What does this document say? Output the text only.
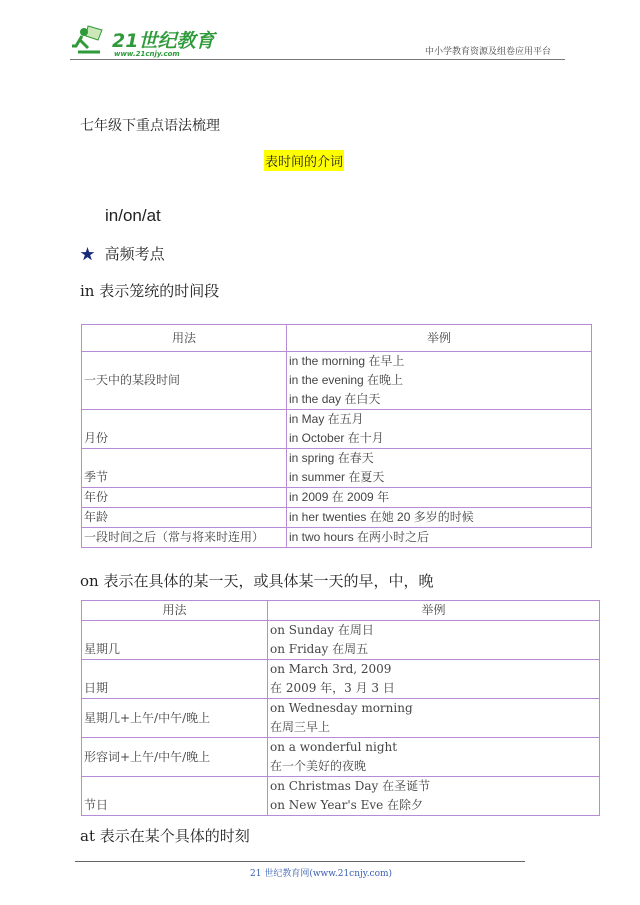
21世纪教育
www.21cnjy.com	中小学教育资源及组卷应用平台
七年级下重点语法梳理
表时间的介词
in/on/at
★ 高频考点
in 表示笼统的时间段
用法	举例
一天中的某段时间	in the morning 在早上
in the evening 在晚上
in the day 在白天

月份	in May 在五月
in October 在十月

季节	in spring 在春天
in summer 在夏天

年份	in 2009 在 2009 年
年龄	in her twenties 在她 20 多岁的时候
一段时间之后（常与将来时连用）	in two hours 在两小时之后
on 表示在具体的某一天，或具体某一天的早，中，晚
用法	举例
星期几	on Sunday 在周日
on Friday 在周五

日期	on March 3rd, 2009
在 2009 年，3 月 3 日

星期几+上午/中午/晚上	on Wednesday morning
在周三早上

形容词+上午/中午/晚上	on a wonderful night
在一个美好的夜晚

节日	on Christmas Day 在圣诞节
on New Year's Eve 在除夕
at 表示在某个具体的时刻
21 世纪教育网(www.21cnjy.com)
